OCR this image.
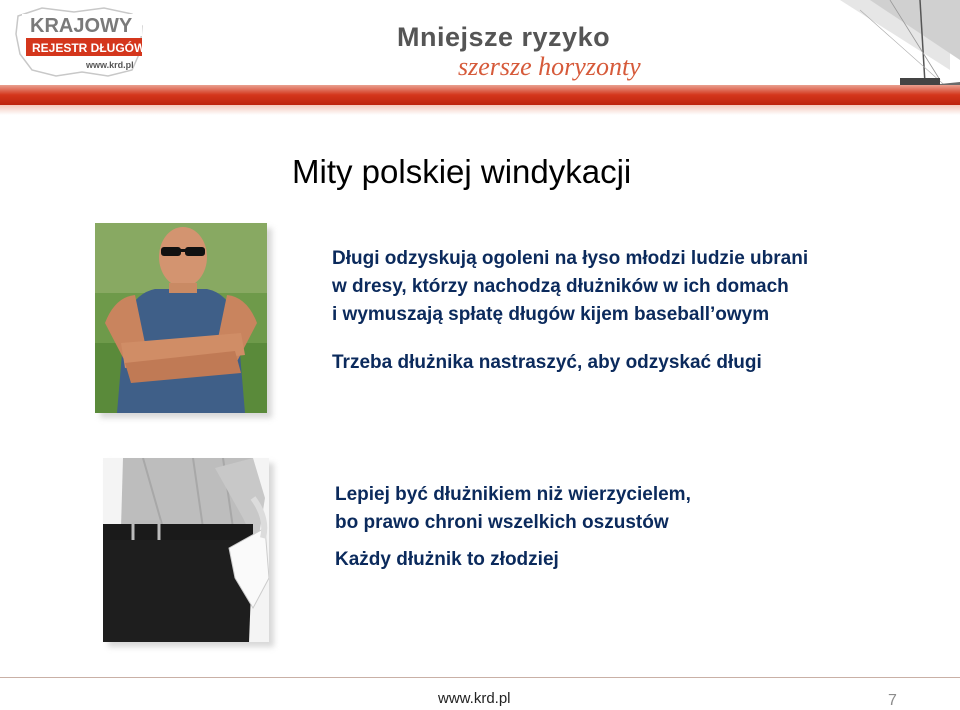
KRAJOWY
REJESTR DŁUGÓW
www.krd.pl
Mniejsze ryzyko
szersze horyzonty
Mity polskiej windykacji
Długi odzyskują ogoleni na łyso młodzi ludzie ubrani
w dresy, którzy nachodzą dłużników w ich domach
i wymuszają spłatę długów kijem baseball’owym
Trzeba dłużnika nastraszyć, aby odzyskać długi
Lepiej być dłużnikiem niż wierzycielem,
bo prawo chroni wszelkich oszustów
Każdy dłużnik to złodziej
www.krd.pl	7
